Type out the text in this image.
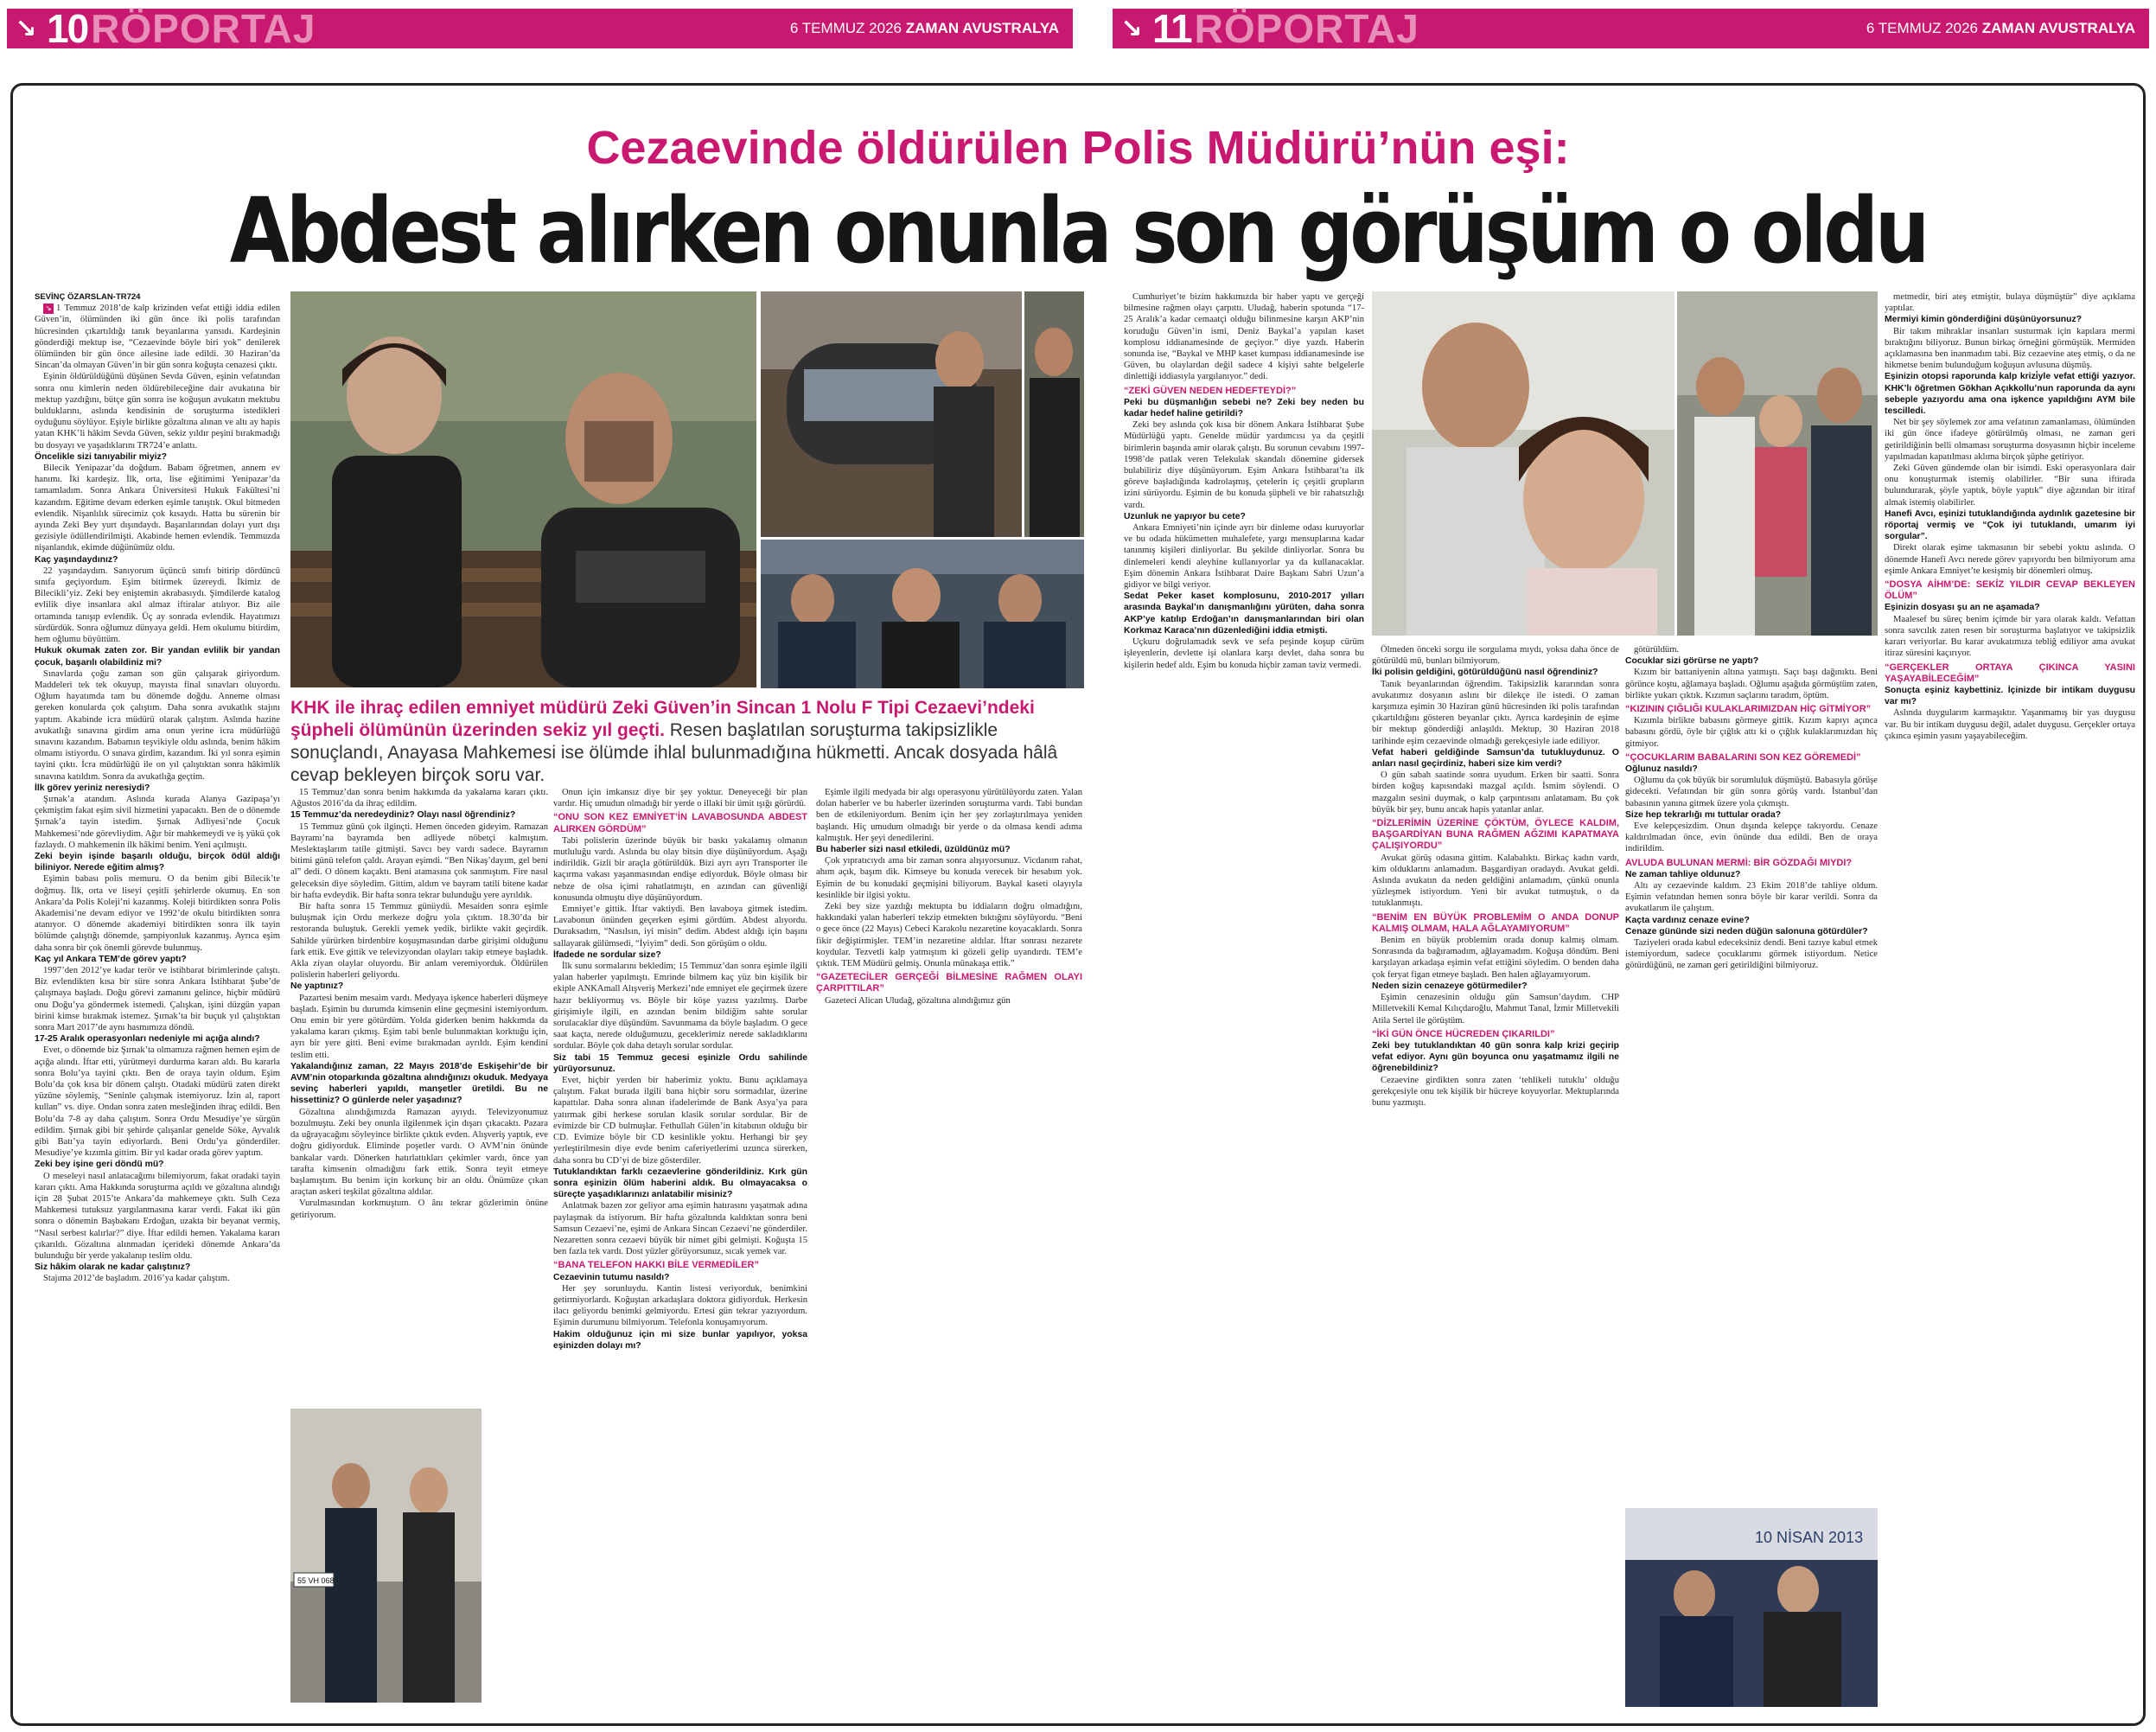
↘ 10 RÖPORTAJ	6 TEMMUZ 2026 ZAMAN AVUSTRALYA	↘ 11 RÖPORTAJ	6 TEMMUZ 2026 ZAMAN AVUSTRALYA
Cezaevinde öldürülen Polis Müdürü’nün eşi:
Abdest alırken onunla son görüşüm o oldu
KHK ile ihraç edilen emniyet müdürü Zeki Güven’in Sincan 1 Nolu F Tipi Cezaevi’ndeki şüpheli ölümünün üzerinden sekiz yıl geçti. Resen başlatılan soruşturma takipsizlikle sonuçlandı, Anayasa Mahkemesi ise ölümde ihlal bulunmadığına hükmetti. Ancak dosyada hâlâ cevap bekleyen birçok soru var.
55 VH 068
10 NİSAN 2013

SEVİNÇ ÖZARSLAN-TR724

↘ 1 Temmuz 2018’de kalp krizinden vefat ettiği iddia edilen Güven’in, ölümünden iki gün önce iki polis tarafından hücresinden çıkartıldığı tanık beyanlarına yansıdı. Kardeşinin gönderdiği mektup ise, “Cezaevinde böyle biri yok” denilerek ölümünden bir gün önce ailesine iade edildi. 30 Haziran’da Sincan’da olmayan Güven’in bir gün sonra koğuşta cenazesi çıktı.

Eşinin öldürüldüğünü düşünen Sevda Güven, eşinin vefatından sonra onu kimlerin neden öldürebileceğine dair avukatına bir mektup yazdığını, bütçe gün sonra ise koğuşun avukatın mektubu bulduklarını, aslında kendisinin de soruşturma istedikleri oyduğunu söylüyor. Eşiyle birlikte gözaltına alınan ve altı ay hapis yatan KHK’li hâkim Sevda Güven, sekiz yıldır peşini bırakmadığı bu dosyayı ve yaşadıklarını TR724’e anlattı.

Öncelikle sizi tanıyabilir miyiz?

Bilecik Yenipazar’da doğdum. Babam öğretmen, annem ev hanımı. İki kardeşiz. İlk, orta, lise eğitimimi Yenipazar’da tamamladım. Sonra Ankara Üniversitesi Hukuk Fakültesi’ni kazandım. Eğitime devam ederken eşimle tanıştık. Okul bitmeden evlendik. Nişanlılık sürecimiz çok kısaydı. Hatta bu sürenin bir ayında Zeki Bey yurt dışındaydı. Başarılarından dolayı yurt dışı gezisiyle ödüllendirilmişti. Akabinde hemen evlendik. Temmuzda nişanlandık, ekimde düğünümüz oldu.

Kaç yaşındaydınız?

22 yaşındaydım. Sanıyorum üçüncü sınıfı bitirip dördüncü sınıfa geçiyordum. Eşim bitirmek üzereydi. İkimiz de Bilecikli’yiz. Zeki bey eniştemin akrabasıydı. Şimdilerde katalog evlilik diye insanlara akıl almaz iftiralar atılıyor. Biz aile ortamında tanışıp evlendik. Üç ay sonrada evlendik. Hayatımızı sürdürdük. Sonra oğlumuz dünyaya geldi. Hem okulumu bitirdim, hem oğlumu büyüttüm.

Hukuk okumak zaten zor. Bir yandan evlilik bir yandan çocuk, başarılı olabildiniz mi?

Sınavlarda çoğu zaman son gün çalışarak giriyordum. Maddeleri tek tek okuyup, mayısta final sınavları oluyordu. Oğlum hayatımda tam bu dönemde doğdu. Anneme olması gereken konularda çok çalıştım. Daha sonra avukatlık stajını yaptım. Akabinde icra müdürü olarak çalıştım. Aslında hazine avukatlığı sınavına girdim ama onun yerine icra müdürlüğü sınavını kazandım. Babamın teşvikiyle oldu aslında, benim hâkim olmamı istiyordu. O sınava girdim, kazandım. İki yıl sonra eşimin tayini çıktı. İcra müdürlüğü ile on yıl çalıştıktan sonra hâkimlik sınavına katıldım. Sonra da avukatlığa geçtim.

İlk görev yeriniz neresiydi?

Şırnak’a atandım. Aslında kurada Alanya Gazipaşa’yı çekmiştim fakat eşim sivil hizmetini yapacaktı. Ben de o dönemde Şırnak’a tayin istedim. Şırnak Adliyesi’nde Çocuk Mahkemesi’nde görevliydim. Ağır bir mahkemeydi ve iş yükü çok fazlaydı. O mahkemenin ilk hâkimi benim. Yeni açılmıştı.

Zeki beyin işinde başarılı olduğu, birçok ödül aldığı biliniyor. Nerede eğitim almış?

Eşimin babası polis memuru. O da benim gibi Bilecik’te doğmuş. İlk, orta ve liseyi çeşitli şehirlerde okumuş. En son Ankara’da Polis Koleji’ni kazanmış. Koleji bitirdikten sonra Polis Akademisi’ne devam ediyor ve 1992’de okulu bitirdikten sonra atanıyor. O dönemde akademiyi bitirdikten sonra ilk tayin bölümde çalıştığı dönemde, şampiyonluk kazanmış. Ayrıca eşim daha sonra bir çok önemli görevde bulunmuş.

Kaç yıl Ankara TEM’de görev yaptı?

1997’den 2012’ye kadar terör ve istihbarat birimlerinde çalıştı. Biz evlendikten kısa bir süre sonra Ankara İstihbarat Şube’de çalışmaya başladı. Doğu görevi zamanını gelince, hiçbir müdürü onu Doğu’ya göndermek istemedi. Çalışkan, işini düzgün yapan birini kimse bırakmak istemez. Şırnak’ta bir buçuk yıl çalıştıktan sonra Mart 2017’de aynı hasmımıza döndü.

17-25 Aralık operasyonları nedeniyle mi açığa alındı?

Evet, o dönemde biz Şırnak’ta olmamıza rağmen hemen eşim de açığa alındı. İftar etti, yürütmeyi durdurma kararı aldı. Bu kararla sonra Bolu’ya tayini çıktı. Ben de oraya tayin oldum. Eşim Bolu’da çok kısa bir dönem çalıştı. Otadaki müdürü zaten direkt yüzüne söylemiş, “Seninle çalışmak istemiyoruz. İzin al, raport kullan” vs. diye. Ondan sonra zaten mesleğinden ihraç edildi. Ben Bolu’da 7-8 ay daha çalıştım. Sonra Ordu Mesudiye’ye sürgün edildim. Şırnak gibi bir şehirde çalışanlar genelde Söke, Ayvalık gibi Batı’ya tayin ediyorlardı. Beni Ordu’ya gönderdiler. Mesudiye’ye kızımla gittim. Bir yıl kadar orada görev yaptım.

Zeki bey işine geri döndü mü?

O meseleyi nasıl anlatacağımı bilemiyorum, fakat oradaki tayin kararı çıktı. Ama Hakkında soruşturma açıldı ve gözaltına alındığı için 28 Şubat 2015’te Ankara’da mahkemeye çıktı. Sulh Ceza Mahkemesi tutuksuz yargılanmasına karar verdi. Fakat iki gün sonra o dönemin Başbakanı Erdoğan, uzakta bir beyanat vermiş, “Nasıl serbest kalırlar?” diye. İftar edildi hemen. Yakalama kararı çıkarıldı. Gözaltına alınmadan içerideki dönemde Ankara’da bulunduğu bir yerde yakalanıp teslim oldu.

Siz hâkim olarak ne kadar çalıştınız?

Stajıma 2012’de başladım. 2016’ya kadar çalıştım.

15 Temmuz’dan sonra benim hakkımda da yakalama kararı çıktı. Ağustos 2016’da da ihraç edildim.

15 Temmuz’da neredeydiniz? Olayı nasıl öğrendiniz?

15 Temmuz günü çok ilginçti. Hemen önceden gideyim. Ramazan Bayramı’na bayramda ben adliyede nöbetçi kalmıştım. Meslektaşlarım tatile gitmişti. Savcı bey vardı sadece. Bayramın bitimi günü telefon çaldı. Arayan eşimdi. “Ben Nikaş’dayım, gel beni al” dedi. O dönem kaçaktı. Beni atamasına çok sanmıştım. Fire nasıl geleceksin diye söyledim. Gittim, aldım ve bayram tatili bitene kadar bir hafta evdeydik. Bir hafta sonra tekrar bulunduğu yere ayrıldık.

Bir hafta sonra 15 Temmuz günüydü. Mesaiden sonra eşimle buluşmak için Ordu merkeze doğru yola çıktım. 18.30’da bir restoranda buluştuk. Gerekli yemek yedik, birlikte vakit geçirdik. Sahilde yürürken birdenbire koşuşmasından darbe girişimi olduğunu fark ettik. Eve gittik ve televizyondan olayları takip etmeye başladık. Akla ziyan olaylar oluyordu. Bir anlam veremiyorduk. Öldürülen polislerin haberleri geliyordu.

Ne yaptınız?

Pazartesi benim mesaim vardı. Medyaya işkence haberleri düşmeye başladı. Eşimin bu durumda kimsenin eline geçmesini istemiyordum. Onu emin bir yere götürdüm. Yolda giderken benim hakkımda da yakalama kararı çıkmış. Eşim tabi benle bulunmaktan korktuğu için, ayrı bir yere gitti. Beni evime bırakmadan ayrıldı. Eşim kendini teslim etti.

Yakalandığınız zaman, 22 Mayıs 2018’de Eskişehir’de bir AVM’nin otoparkında gözaltına alındığınızı okuduk. Medyaya sevinç haberleri yapıldı, manşetler üretildi. Bu ne hissettiniz? O günlerde neler yaşadınız?

Gözaltına alındığımızda Ramazan ayıydı. Televizyonumuz bozulmuştu. Zeki bey onunla ilgilenmek için dışarı çıkacaktı. Pazara da uğrayacağını söyleyince birlikte çıktık evden. Alışveriş yaptık, eve doğru gidiyorduk. Eliminde poşetler vardı. O AVM’nin önünde bankalar vardı. Dönerken hatırlattıkları çekimler vardı, önce yan tarafta kimsenin olmadığını fark ettik. Sonra teyit etmeye başlamıştım. Bu benim için korkunç bir an oldu. Önümüze çıkan araçtan askeri teşkilat gözaltına aldılar.

Vurulmasından korkmuştum. O ânı tekrar gözlerimin önüne getiriyorum.

Onun için imkansız diye bir şey yoktur. Deneyeceği bir plan vardır. Hiç umudun olmadığı bir yerde o illaki bir ümit ışığı görürdü.

“ONU SON KEZ EMNİYET’İN LAVABOSUNDA ABDEST ALIRKEN GÖRDÜM”

Tabi polislerin üzerinde büyük bir baskı yakalamış olmanın mutluluğu vardı. Aslında bu olay bitsin diye düşünüyordum. Aşağı indirildik. Gizli bir araçla götürüldük. Bizi ayrı ayrı Transporter ile kaçırma vakası yaşanmasından endişe ediyorduk. Böyle olması bir nebze de olsa içimi rahatlatmıştı, en azından can güvenliği konusunda olmuştu diye düşünüyordum.

Emniyet’e gittik. İftar vaktiydi. Ben lavaboya gitmek istedim. Lavabonun önünden geçerken eşimi gördüm. Abdest alıyordu. Duraksadım, “Nasılsın, iyi misin” dedim. Abdest aldığı için başını sallayarak gülümsedi, “İyiyim” dedi. Son görüşüm o oldu.

İfadede ne sordular size?

İlk sunu sormalarını bekledim; 15 Temmuz’dan sonra eşimle ilgili yalan haberler yapılmıştı. Emrinde bilmem kaç yüz bin kişilik bir ekiple ANKAmall Alışveriş Merkezi’nde emniyet ele geçirmek üzere hazır bekliyormuş vs. Böyle bir köşe yazısı yazılmış. Darbe girişimiyle ilgili, en azından benim bildiğim sahte sorular sorulacaklar diye düşündüm. Savunmama da böyle başladım. O gece saat kaçta, nerede olduğumuzu, geceklerimiz nerede sakladıklarını sordular. Böyle çok daha detaylı sorular sordular.

Siz tabi 15 Temmuz gecesi eşinizle Ordu sahilinde yürüyorsunuz.

Evet, hiçbir yerden bir haberimiz yoktu. Bunu açıklamaya çalıştım. Fakat burada ilgili bana hiçbir soru sormadılar, üzerine kapattılar. Daha sonra alınan ifadelerimde de Bank Asya’ya para yatırmak gibi herkese sorulan klasik sorular sordular. Bir de evimizde bir CD bulmuşlar. Fethullah Gülen’in kitabının olduğu bir CD. Evimize böyle bir CD kesinlikle yoktu. Herhangi bir şey yerleştirilmesin diye evde benim caferiyetlerimi uzunca sürerken, daha sonra bu CD’yi de bize gösterdiler.

Tutuklandıktan farklı cezaevlerine gönderildiniz. Kırk gün sonra eşinizin ölüm haberini aldık. Bu olmayacaksa o süreçte yaşadıklarınızı anlatabilir misiniz?

Anlatmak bazen zor geliyor ama eşimin hatırasını yaşatmak adına paylaşmak da istiyorum. Bir hafta gözaltında kaldıktan sonra beni Samsun Cezaevi’ne, eşimi de Ankara Sincan Cezaevi’ne gönderdiler. Nezaretten sonra cezaevi büyük bir nimet gibi gelmişti. Koğuşta 15 ben fazla tek vardı. Dost yüzler görüyorsunuz, sıcak yemek var.

“BANA TELEFON HAKKI BİLE VERMEDİLER”

Cezaevinin tutumu nasıldı?

Her şey sorunluydu. Kantin listesi veriyorduk, benimkini getirmiyorlardı. Koğuştan arkadaşlara doktora gidiyorduk. Herkesin ilacı geliyordu benimki gelmiyordu. Ertesi gün tekrar yazıyordum. Eşimin durumunu bilmiyorum. Telefonla konuşamıyorum.

Hakim olduğunuz için mi size bunlar yapılıyor, yoksa eşinizden dolayı mı?

Eşimle ilgili medyada bir algı operasyonu yürütülüyordu zaten. Yalan dolan haberler ve bu haberler üzerinden soruşturma vardı. Tabi bundan ben de etkileniyordum. Benim için her şey zorlaştırılmaya yeniden başlandı. Hiç umudum olmadığı bir yerde o da olmasa kendi adıma kalmıştık. Her şeyi denedilerini.

Bu haberler sizi nasıl etkiledi, üzüldünüz mü?

Çok yıpratıcıydı ama bir zaman sonra alışıyorsunuz. Vicdanım rahat, ahım açık, başım dik. Kimseye bu konuda verecek bir hesabım yok. Eşimin de bu konudaki geçmişini biliyorum. Baykal kaseti olayıyla kesinlikle bir ilgisi yoktu.

Zeki bey size yazdığı mektupta bu iddiaların doğru olmadığını, hakkındaki yalan haberleri tekzip etmekten bıktığını söylüyordu. “Beni o gece önce (22 Mayıs) Cebeci Karakolu nezaretine koyacaklardı. Sonra fikir değiştirmişler. TEM’in nezaretine aldılar. İftar sonrası nezarete koydular. Tezvetli kalp yatmıştım ki gözeli gelip uyandırdı. TEM’e çıktık. TEM Müdürü gelmiş. Onunla münakaşa ettik.”

“GAZETECİLER GERÇEĞİ BİLMESİNE RAĞMEN OLAYI ÇARPITTILAR”

Gazeteci Alican Uludağ, gözaltına alındığımız gün

Cumhuriyet’te bizim hakkımızda bir haber yaptı ve gerçeği bilmesine rağmen olayı çarpıttı. Uludağ, haberin spotunda “17-25 Aralık’a kadar cemaatçi olduğu bilinmesine karşın AKP’nin koruduğu Güven’in ismi, Deniz Baykal’a yapılan kaset komplosu iddianamesinde de geçiyor.” diye yazdı. Haberin sonunda ise, “Baykal ve MHP kaset kumpası iddianamesinde ise Güven, bu olaylardan değil sadece 4 kişiyi sahte belgelerle dinlettiği iddiasıyla yargılanıyor.” dedi.

“ZEKİ GÜVEN NEDEN HEDEFTEYDİ?”

Peki bu düşmanlığın sebebi ne? Zeki bey neden bu kadar hedef haline getirildi?

Zeki bey aslında çok kısa bir dönem Ankara İstihbarat Şube Müdürlüğü yaptı. Genelde müdür yardımcısı ya da çeşitli birimlerin başında amir olarak çalıştı. Bu sorunun cevabını 1997-1998’de patlak veren Telekulak skandalı dönemine gidersek bulabiliriz diye düşünüyorum. Eşim Ankara İstihbarat’ta ilk göreve başladığında kadrolaşmış, çetelerin iç çeşitli grupların izini sürüyordu. Eşimin de bu konuda şüpheli ve bir rahatsızlığı vardı.

Uzunluk ne yapıyor bu cete?

Ankara Emniyeti’nin içinde ayrı bir dinleme odası kuruyorlar ve bu odada hükümetten muhalefete, yargı mensuplarına kadar tanınmış kişileri dinliyorlar. Bu şekilde dinliyorlar. Sonra bu dinlemeleri kendi aleyhine kullanıyorlar ya da kullanacaklar. Eşim dönemin Ankara İstihbarat Daire Başkanı Sabri Uzun’a gidiyor ve bilgi veriyor.

Sedat Peker kaset komplosunu, 2010-2017 yılları arasında Baykal’ın danışmanlığını yürüten, daha sonra AKP’ye katılıp Erdoğan’ın danışmanlarından biri olan Korkmaz Karaca’nın düzenlediğini iddia etmişti.

Uçkuru doğrulamadık sevk ve sefa peşinde koşup cürüm işleyenlerin, devlette işi olanlara karşı devlet, daha sonra bu kişilerin hedef aldı. Eşim bu konuda hiçbir zaman taviz vermedi.

Ölmeden önceki sorgu ile sorgulama mıydı, yoksa daha önce de götürüldü mü, bunları bilmiyorum.

İki polisin geldiğini, götürüldüğünü nasıl öğrendiniz?

Tanık beyanlarından öğrendim. Takipsizlik kararından sonra avukatımız dosyanın aslını bir dilekçe ile istedi. O zaman karşımıza eşimin 30 Haziran günü hücresinden iki polis tarafından çıkartıldığını gösteren beyanlar çıktı. Ayrıca kardeşinin de eşime bir mektup gönderdiği anlaşıldı. Mektup, 30 Haziran 2018 tarihinde eşim cezaevinde olmadığı gerekçesiyle iade ediliyor.

Vefat haberi geldiğinde Samsun’da tutukluydunuz. O anları nasıl geçirdiniz, haberi size kim verdi?

O gün sabah saatinde sonra uyudum. Erken bir saatti. Sonra birden koğuş kapısındaki mazgal açıldı. İsmim söylendi. O mazgalın sesini duymak, o kalp çarpıntısını anlatamam. Bu çok büyük bir şey, bunu ancak hapis yatanlar anlar.

“DİZLERİMİN ÜZERİNE ÇÖKTÜM, ÖYLECE KALDIM, BAŞGARDİYAN BUNA RAĞMEN AĞZIMI KAPATMAYA ÇALIŞIYORDU”

Avukat görüş odasına gittim. Kalabalıktı. Birkaç kadın vardı, kim olduklarını anlamadım. Başgardiyan oradaydı. Avukat geldi. Aslında avukatın da neden geldiğini anlamadım, çünkü onunla yüzleşmek istiyordum. Yeni bir avukat tutmuştuk, o da tutuklanmıştı.

“BENİM EN BÜYÜK PROBLEMİM O ANDA DONUP KALMIŞ OLMAM, HALA AĞLAYAMIYORUM”

Benim en büyük problemim orada donup kalmış olmam. Sonrasında da bağıramadım, ağlayamadım. Koğuşa döndüm. Beni karşılayan arkadaşa eşimin vefat ettiğini söyledim. O benden daha çok feryat figan etmeye başladı. Ben halen ağlayamıyorum.

Neden sizin cenazeye götürmediler?

Eşimin cenazesinin olduğu gün Samsun’daydım. CHP Milletvekili Kemal Kılıçdaroğlu, Mahmut Tanal, İzmir Milletvekili Atila Sertel ile görüştüm.

“İKİ GÜN ÖNCE HÜCREDEN ÇIKARILDI”

Zeki bey tutuklandıktan 40 gün sonra kalp krizi geçirip vefat ediyor. Aynı gün boyunca onu yaşatmamız ilgili ne öğrenebildiniz?

Cezaevine girdikten sonra zaten ‘tehlikeli tutuklu’ olduğu gerekçesiyle onu tek kişilik bir hücreye koyuyorlar. Mektuplarında bunu yazmıştı.

götürüldüm.

Cocuklar sizi görürse ne yaptı?

Kızım bir battaniyenin altına yatmıştı. Saçı başı dağınıktı. Beni görünce koştu, ağlamaya başladı. Oğlumu aşağıda görmüştüm zaten, birlikte yukarı çıktık. Kızımın saçlarını taradım, öptüm.

“KIZININ ÇIĞLIĞI KULAKLARIMIZDAN HİÇ GİTMİYOR”

Kızımla birlikte babasını görmeye gittik. Kızım kapıyı açınca babasını gördü, öyle bir çığlık attı ki o çığlık kulaklarımızdan hiç gitmiyor.

“ÇOCUKLARIM BABALARINI SON KEZ GÖREMEDİ”

Oğlunuz nasıldı?

Oğlumu da çok büyük bir sorumluluk düşmüştü. Babasıyla görüşe gidecekti. Vefatından bir gün sonra görüş vardı. İstanbul’dan babasının yanına gitmek üzere yola çıkmıştı.

Size hep tekrarlığı mı tuttular orada?

Eve kelepçesizdim. Onun dışında kelepçe takıyordu. Cenaze kaldırılmadan önce, evin önünde dua edildi. Ben de oraya indirildim.

AVLUDA BULUNAN MERMİ: BİR GÖZDAĞI MIYDI?

Ne zaman tahliye oldunuz?

Altı ay cezaevinde kaldım. 23 Ekim 2018’de tahliye oldum. Eşimin vefatından hemen sonra böyle bir karar verildi. Sonra da avukatlarım ile çalıştım.

Kaçta vardınız cenaze evine?

Cenaze gününde sizi neden düğün salonuna götürdüler?

Taziyeleri orada kabul edeceksiniz dendi. Beni tazıye kabul etmek istemiyordum, sadece çocuklarımı görmek istiyordum. Netice götürdüğünü, ne zaman geri getirildiğini bilmiyoruz.

metmedir, biri ateş etmiştir, bulaya düşmüştür” diye açıklama yaptılar.

Mermiyi kimin gönderdiğini düşünüyorsunuz?

Bir takım mihraklar insanları susturmak için kapılara mermi bıraktığını biliyoruz. Bunun birkaç örneğini görmüştük. Mermiden açıklamasına ben inanmadım tabi. Biz cezaevine ateş etmiş, o da ne hikmetse benim bulunduğum koğuşun avlusuna düşmüş.

Eşinizin otopsi raporunda kalp krizi̇yle vefat ettiği yazıyor. KHK’lı öğretmen Gökhan Açıkkollu’nun raporunda da aynı sebeple yazıyordu ama ona işkence yapıldığını AYM bile tescilledi.

Net bir şey söylemek zor ama vefatının zamanlaması, ölümünden iki gün önce ifadeye götürülmüş olması, ne zaman geri getirildiğinin belli olmaması soruşturma dosyasının hiçbir inceleme yapılmadan kapatılması aklıma birçok şüphe getiriyor.

Zeki Güven gündemde olan bir isimdi. Eski operasyonlara dair onu konuşturmak istemiş olabilirler. “Bir suna iftirada bulundurarak, şöyle yaptık, böyle yaptık” diye ağzından bir itiraf almak istemiş olabilirler.

Hanefi Avcı, eşinizi tutuklandığında aydınlık gazetesine bir röportaj vermiş ve “Çok iyi tutuklandı, umarım iyi sorgular”.

Direkt olarak eşime takmasının bir sebebi yoktu aslında. O dönemde Hanefi Avcı nerede görev yapıyordu ben bilmiyorum ama eşimle Ankara Emniyet’te kesişmiş bir dönemleri olmuş.

“DOSYA AİHM’DE: SEKİZ YILDIR CEVAP BEKLEYEN ÖLÜM”

Eşinizin dosyası şu an ne aşamada?

Maalesef bu süreç benim içimde bir yara olarak kaldı. Vefattan sonra savcılık zaten resen bir soruşturma başlatıyor ve takipsizlik kararı veriyorlar. Bu karar avukatımıza tebliğ ediliyor ama avukat itiraz süresini kaçırıyor.

“GERÇEKLER ORTAYA ÇIKINCA YASINI YAŞAYABİLECEĞİM”

Sonuçta eşiniz kaybettiniz. İçinizde bir intikam duygusu var mı?

Aslında duygularım karmaşıktır. Yaşanmamış bir yas duygusu var. Bu bir intikam duygusu değil, adalet duygusu. Gerçekler ortaya çıkınca eşimin yasını yaşayabileceğim.
